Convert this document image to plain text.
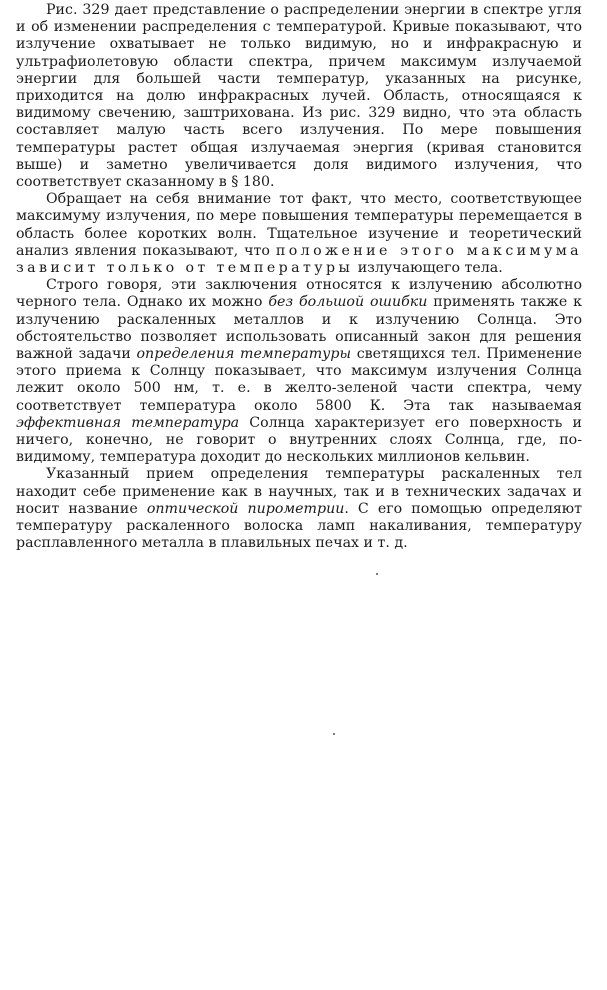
Рис. 329 дает представление о распределении энергии в спектре угля и об изменении распределения с температурой. Кривые показывают, что излучение охватывает не только видимую, но и инфракрасную и ультрафиолетовую области спектра, причем максимум излучаемой энергии для большей части температур, указанных на рисунке, приходится на долю инфракрасных лучей. Область, относящаяся к видимому свечению, заштрихована. Из рис. 329 видно, что эта область составляет малую часть всего излучения. По мере повышения температуры растет общая излучаемая энергия (кривая становится выше) и заметно увеличивается доля видимого излучения, что соответствует сказанному в § 180.

Обращает на себя внимание тот факт, что место, соответствующее максимуму излучения, по мере повышения температуры перемещается в область более коротких волн. Тщательное изучение и теоретический анализ явления показывают, что положение этого максимума зависит только от температуры излучающего тела.

Строго говоря, эти заключения относятся к излучению абсолютно черного тела. Однако их можно без большой ошибки применять также к излучению раскаленных металлов и к излучению Солнца. Это обстоятельство позволяет использовать описанный закон для решения важной задачи определения температуры светящихся тел. Применение этого приема к Солнцу показывает, что максимум излучения Солнца лежит около 500 нм, т. е. в желто-зеленой части спектра, чему соответствует температура около 5800 К. Эта так называемая эффективная температура Солнца характеризует его поверхность и ничего, конечно, не говорит о внутренних слоях Солнца, где, по-видимому, температура доходит до нескольких миллионов кельвин.

Указанный прием определения температуры раскаленных тел находит себе применение как в научных, так и в технических задачах и носит название оптической пирометрии. С его помощью определяют температуру раскаленного волоска ламп накаливания, температуру расплавленного металла в плавильных печах и т. д.
